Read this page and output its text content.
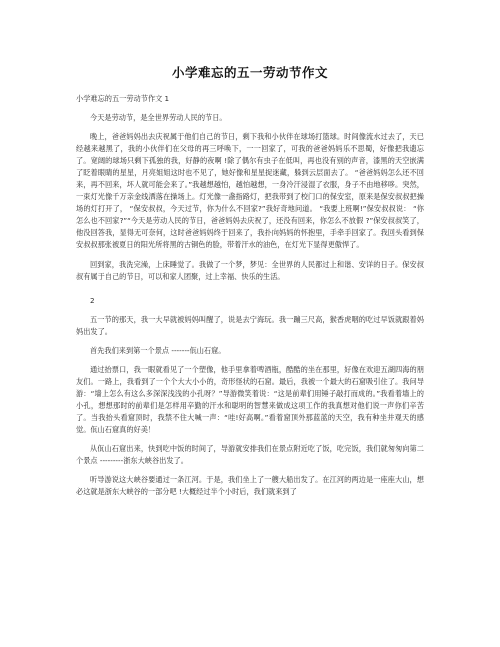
小学难忘的五一劳动节作文

小学难忘的五一劳动节作文 1

今天是劳动节，是全世界劳动人民的节日。

晚上，爸爸妈妈出去庆祝属于他们自己的节日，剩下我和小伙伴在球场打篮球。时间像流水过去了，天已经越来越黑了，我的小伙伴们在父母的再三呼唤下，一一回家了，可我的爸爸妈妈乐不思蜀，好像把我遗忘了。宽阔的球场只剩下孤独的我，好静的夜啊 !除了偶尔有虫子在低叫，再也没有别的声音，漆黑的天空嵌满了眨着眼睛的星星，月亮姐姐这时也不见了，她好像和星星捉迷藏，躲到云层面去了。 “爸爸妈妈怎么还不回来，再不回来，坏人就可能会来了。”我越想越怕，越怕越想，一身冷汗浸湿了衣服，身子不由地移哆。突然，一束灯光像千万亲金线洒落在操场上。灯光像一盏指路灯，把我带到了校门口的保安室，原来是保安叔叔把操场的灯打开了， “保安叔叔，今天过节，你为什么不回家?”我好奇地问道。 “我要上班啊!”保安叔叔说： “你怎么也不回家?”“今天是劳动人民的节日，爸爸妈妈去庆祝了，还没有回来，你怎么不放假 ?”保安叔叔笑了，他没回答我，显得无可奈何，这时爸爸妈妈终于回来了，我扑向妈妈的怀抱里，手牵手回家了。我回头看到保安叔叔那张被夏日的阳光所将黑的古铜色的脸，带着汗水的油色，在灯光下显得更傲悍了。

回到家，我洗完澡，上床睡觉了。我做了一个梦，梦见：全世界的人民都过上和谐、安详的日子。保安叔叔有属于自己的节日，可以和家人团聚，过上幸福、快乐的生活。

2

五一节的那天，我一大早就被妈妈叫醒了，说是去宁海玩。我一蹦三尺高，猴香虎咽的吃过早饭就跟着妈妈出发了。

首先我们来到第一个景点 -------佤山石窟。

通过抬票口，我一眼就看见了一个塑像，他手里拿着啤酒瓶，酷酷的坐在那里，好像在欢迎五湖四海的朋友们。一路上，我看到了一个个大大小小的，奇形怪状的石窟。最后，我被一个最大的石窟吸引住了。我问导游：“墙上怎么有这么多深深浅浅的小孔呀？”导游微笑着说：“这是前辈们用锤子敲打而成的。”我看着墙上的小孔，想想那时的前辈们是怎样用辛勤的汗水和聪明的智慧来做成这项工作的我真想对他们说一声你们辛苦了。当我抬头看窟顶时，我禁不住大喊一声：“哇!好高啊。”看着窟顶外那蓝蓝的天空，我有种坐井观天的感觉。佤山石窟真的好美！

从佤山石窟出来，快到吃中饭的时间了，导游就安排我们在景点附近吃了饭，吃完饭，我们就匆匆向第二个景点 ---------浙东大峡谷出发了。

听导游说这大峡谷要通过一条江河。于是，我们坐上了一艘大船出发了。在江河的两边是一座座大山，想必这就是浙东大峡谷的一部分吧 !大概经过半个小时后，我们就来到了
